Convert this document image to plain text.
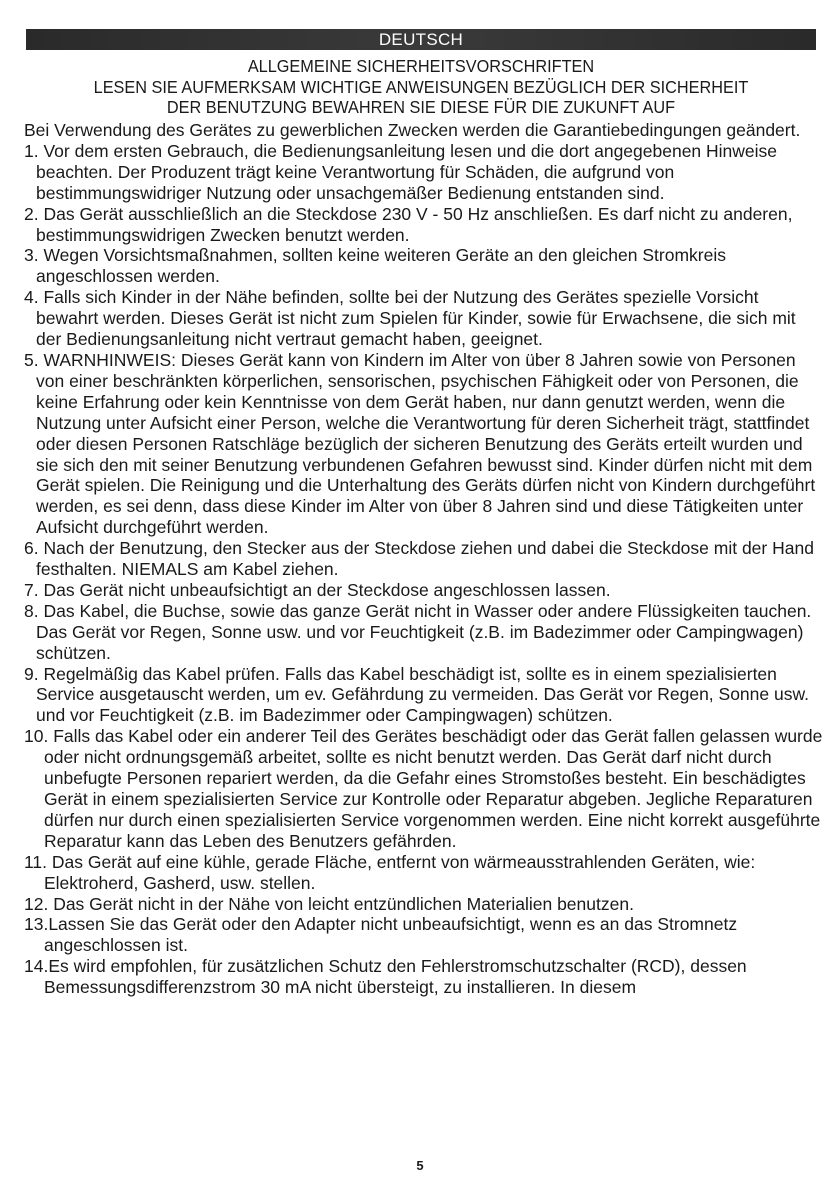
DEUTSCH
ALLGEMEINE SICHERHEITSVORSCHRIFTEN
LESEN SIE AUFMERKSAM WICHTIGE ANWEISUNGEN BEZÜGLICH DER SICHERHEIT
DER BENUTZUNG BEWAHREN SIE DIESE FÜR DIE ZUKUNFT AUF

Bei Verwendung des Gerätes zu gewerblichen Zwecken werden die Garantiebedingungen geändert.

1. Vor dem ersten Gebrauch, die Bedienungsanleitung lesen und die dort angegebenen Hinweise beachten. Der Produzent trägt keine Verantwortung für Schäden, die aufgrund von bestimmungswidriger Nutzung oder unsachgemäßer Bedienung entstanden sind.

2. Das Gerät ausschließlich an die Steckdose 230 V - 50 Hz anschließen. Es darf nicht zu anderen, bestimmungswidrigen Zwecken benutzt werden.

3. Wegen Vorsichtsmaßnahmen, sollten keine weiteren Geräte an den gleichen Stromkreis angeschlossen werden.

4. Falls sich Kinder in der Nähe befinden, sollte bei der Nutzung des Gerätes spezielle Vorsicht bewahrt werden. Dieses Gerät ist nicht zum Spielen für Kinder, sowie für Erwachsene, die sich mit der Bedienungsanleitung nicht vertraut gemacht haben, geeignet.

5. WARNHINWEIS: Dieses Gerät kann von Kindern im Alter von über 8 Jahren sowie von Personen von einer beschränkten körperlichen, sensorischen, psychischen Fähigkeit oder von Personen, die keine Erfahrung oder kein Kenntnisse von dem Gerät haben, nur dann genutzt werden, wenn die Nutzung unter Aufsicht einer Person, welche die Verantwortung für deren Sicherheit trägt, stattfindet oder diesen Personen Ratschläge bezüglich der sicheren Benutzung des Geräts erteilt wurden und sie sich den mit seiner Benutzung verbundenen Gefahren bewusst sind. Kinder dürfen nicht mit dem Gerät spielen. Die Reinigung und die Unterhaltung des Geräts dürfen nicht von Kindern durchgeführt werden, es sei denn, dass diese Kinder im Alter von über 8 Jahren sind und diese Tätigkeiten unter Aufsicht durchgeführt werden.

6. Nach der Benutzung, den Stecker aus der Steckdose ziehen und dabei die Steckdose mit der Hand festhalten. NIEMALS am Kabel ziehen.

7. Das Gerät nicht unbeaufsichtigt an der Steckdose angeschlossen lassen.

8. Das Kabel, die Buchse, sowie das ganze Gerät nicht in Wasser oder andere Flüssigkeiten tauchen. Das Gerät vor Regen, Sonne usw. und vor Feuchtigkeit (z.B. im Badezimmer oder Campingwagen) schützen.

9. Regelmäßig das Kabel prüfen. Falls das Kabel beschädigt ist, sollte es in einem spezialisierten Service ausgetauscht werden, um ev. Gefährdung zu vermeiden. Das Gerät vor Regen, Sonne usw. und vor Feuchtigkeit (z.B. im Badezimmer oder Campingwagen) schützen.

10. Falls das Kabel oder ein anderer Teil des Gerätes beschädigt oder das Gerät fallen gelassen wurde oder nicht ordnungsgemäß arbeitet, sollte es nicht benutzt werden. Das Gerät darf nicht durch unbefugte Personen repariert werden, da die Gefahr eines Stromstoßes besteht. Ein beschädigtes Gerät in einem spezialisierten Service zur Kontrolle oder Reparatur abgeben. Jegliche Reparaturen dürfen nur durch einen spezialisierten Service vorgenommen werden. Eine nicht korrekt ausgeführte Reparatur kann das Leben des Benutzers gefährden.

11. Das Gerät auf eine kühle, gerade Fläche, entfernt von wärmeausstrahlenden Geräten, wie: Elektroherd, Gasherd, usw. stellen.

12. Das Gerät nicht in der Nähe von leicht entzündlichen Materialien benutzen.

13.Lassen Sie das Gerät oder den Adapter nicht unbeaufsichtigt, wenn es an das Stromnetz angeschlossen ist.

14.Es wird empfohlen, für zusätzlichen Schutz den Fehlerstromschutzschalter (RCD), dessen Bemessungsdifferenzstrom 30 mA nicht übersteigt, zu installieren. In diesem

5
